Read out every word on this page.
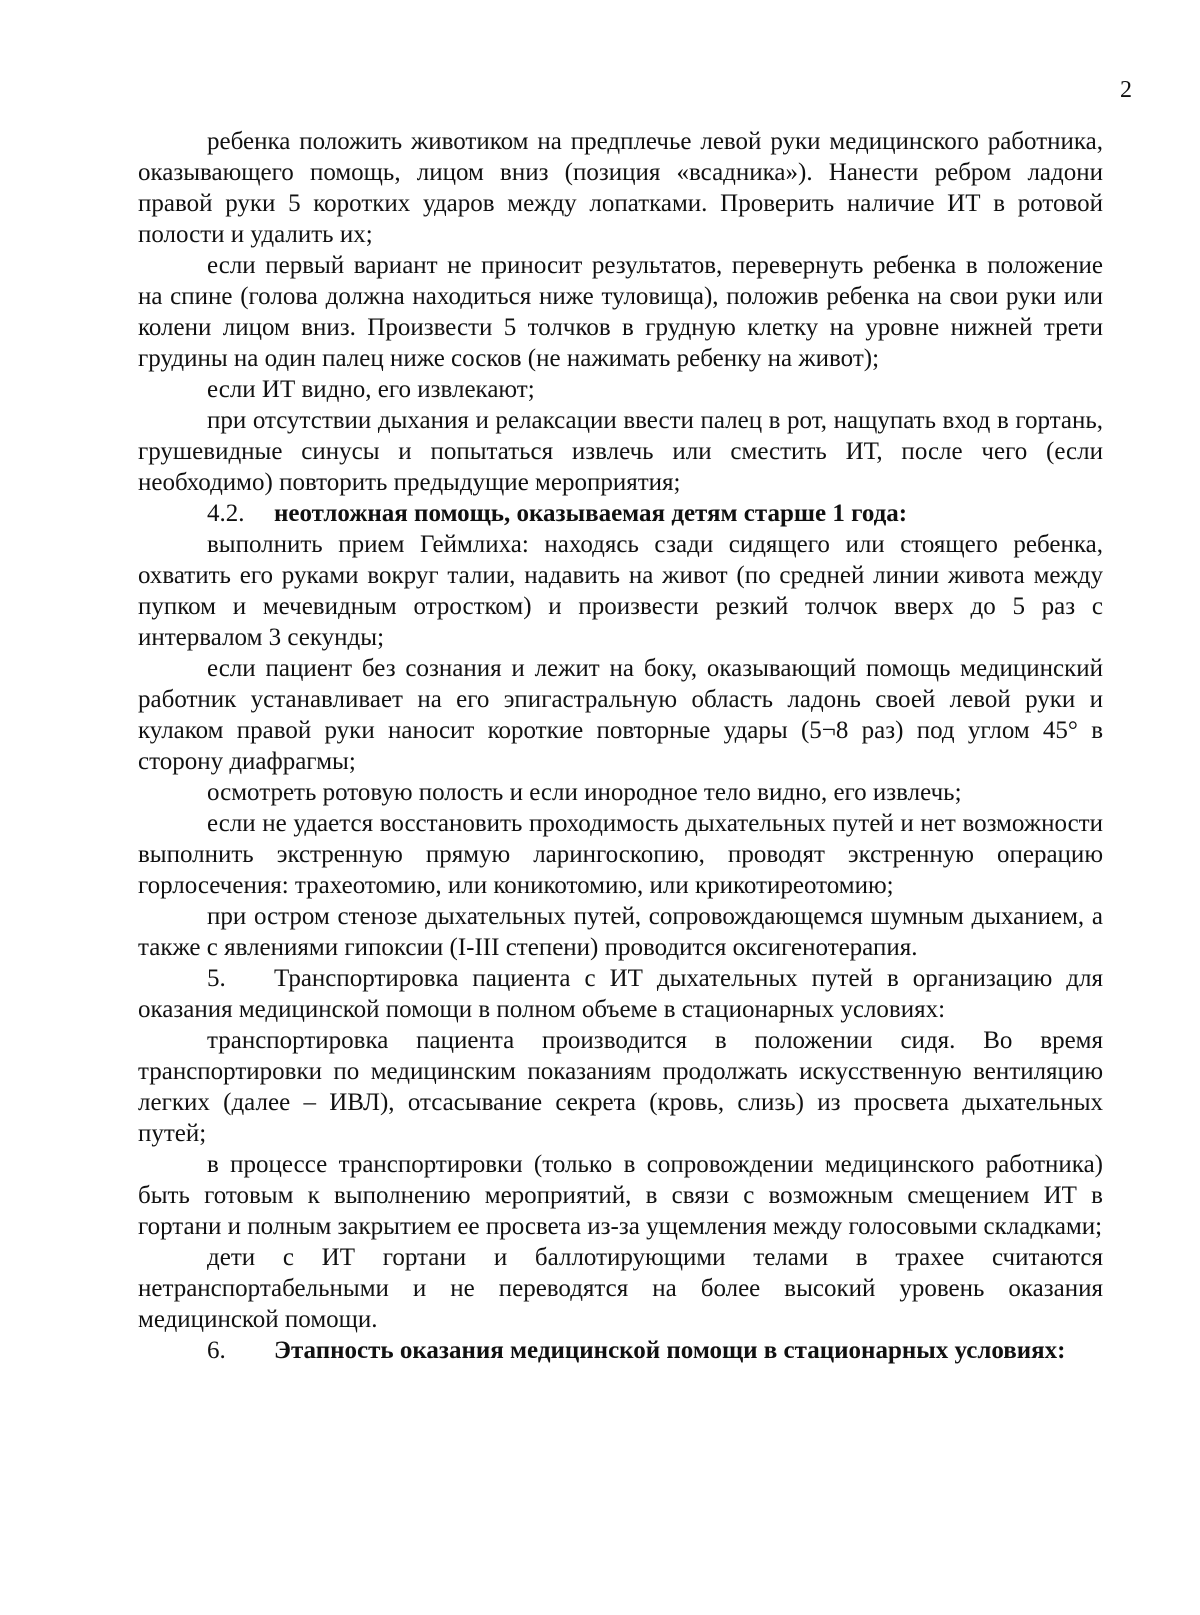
2

ребенка положить животиком на предплечье левой руки медицинского работника, оказывающего помощь, лицом вниз (позиция «всадника»). Нанести ребром ладони правой руки 5 коротких ударов между лопатками. Проверить наличие ИТ в ротовой полости и удалить их;

если первый вариант не приносит результатов, перевернуть ребенка в положение на спине (голова должна находиться ниже туловища), положив ребенка на свои руки или колени лицом вниз. Произвести 5 толчков в грудную клетку на уровне нижней трети грудины на один палец ниже сосков (не нажимать ребенку на живот);

если ИТ видно, его извлекают;

при отсутствии дыхания и релаксации ввести палец в рот, нащупать вход в гортань, грушевидные синусы и попытаться извлечь или сместить ИТ, после чего (если необходимо) повторить предыдущие мероприятия;

4.2. неотложная помощь, оказываемая детям старше 1 года:

выполнить прием Геймлиха: находясь сзади сидящего или стоящего ребенка, охватить его руками вокруг талии, надавить на живот (по средней линии живота между пупком и мечевидным отростком) и произвести резкий толчок вверх до 5 раз с интервалом 3 секунды;

если пациент без сознания и лежит на боку, оказывающий помощь медицинский работник устанавливает на его эпигастральную область ладонь своей левой руки и кулаком правой руки наносит короткие повторные удары (5¬8 раз) под углом 45° в сторону диафрагмы;

осмотреть ротовую полость и если инородное тело видно, его извлечь;

если не удается восстановить проходимость дыхательных путей и нет возможности выполнить экстренную прямую ларингоскопию, проводят экстренную операцию горлосечения: трахеотомию, или коникотомию, или крикотиреотомию;

при остром стенозе дыхательных путей, сопровождающемся шумным дыханием, а также с явлениями гипоксии (I-III степени) проводится оксигенотерапия.

5. Транспортировка пациента с ИТ дыхательных путей в организацию для оказания медицинской помощи в полном объеме в стационарных условиях:

транспортировка пациента производится в положении сидя. Во время транспортировки по медицинским показаниям продолжать искусственную вентиляцию легких (далее – ИВЛ), отсасывание секрета (кровь, слизь) из просвета дыхательных путей;

в процессе транспортировки (только в сопровождении медицинского работника) быть готовым к выполнению мероприятий, в связи с возможным смещением ИТ в гортани и полным закрытием ее просвета из-за ущемления между голосовыми складками;

дети с ИТ гортани и баллотирующими телами в трахее считаются нетранспортабельными и не переводятся на более высокий уровень оказания медицинской помощи.

6. Этапность оказания медицинской помощи в стационарных условиях:
